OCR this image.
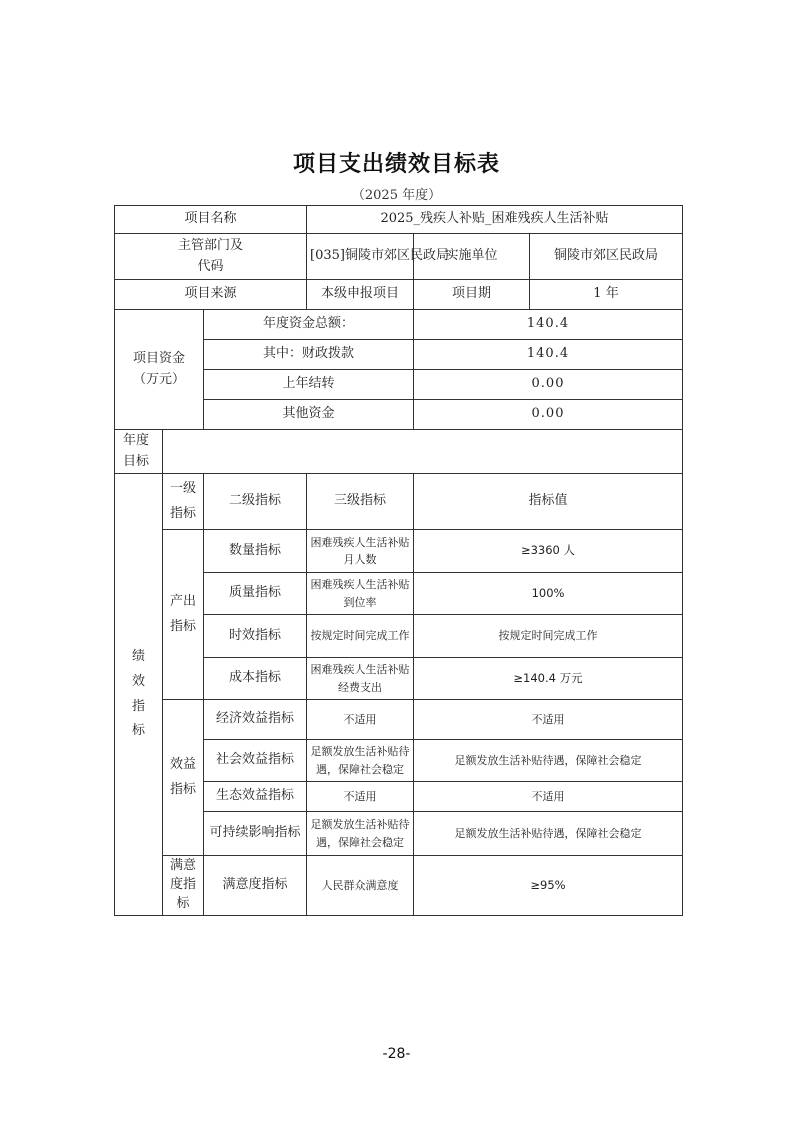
项目支出绩效目标表
（2025 年度）
项目名称			2025_残疾人补贴_困难残疾人生活补贴		

主管部门及
代码			[035]铜陵市郊区民政局	实施单位	铜陵市郊区民政局
项目来源			本级申报项目	项目期	1 年

项目资金
（万元）		年度资金总额：		140.4	
		其中：财政拨款		140.4	
		上年结转		0.00	
		其他资金		0.00	

年度
目标					

绩效指标	一级指标	二级指标	三级指标	指标值	
	产出指标	数量指标	困难残疾人生活补贴月人数	≥3360 人	
		质量指标	困难残疾人生活补贴到位率	100%	
		时效指标	按规定时间完成工作	按规定时间完成工作	
		成本指标	困难残疾人生活补贴经费支出	≥140.4 万元	
	效益指标	经济效益指标	不适用	不适用	
		社会效益指标	足额发放生活补贴待遇，保障社会稳定	足额发放生活补贴待遇，保障社会稳定	
		生态效益指标	不适用	不适用	
		可持续影响指标	足额发放生活补贴待遇，保障社会稳定	足额发放生活补贴待遇，保障社会稳定	
	满意度指标	满意度指标	人民群众满意度	≥95%	
-28-
